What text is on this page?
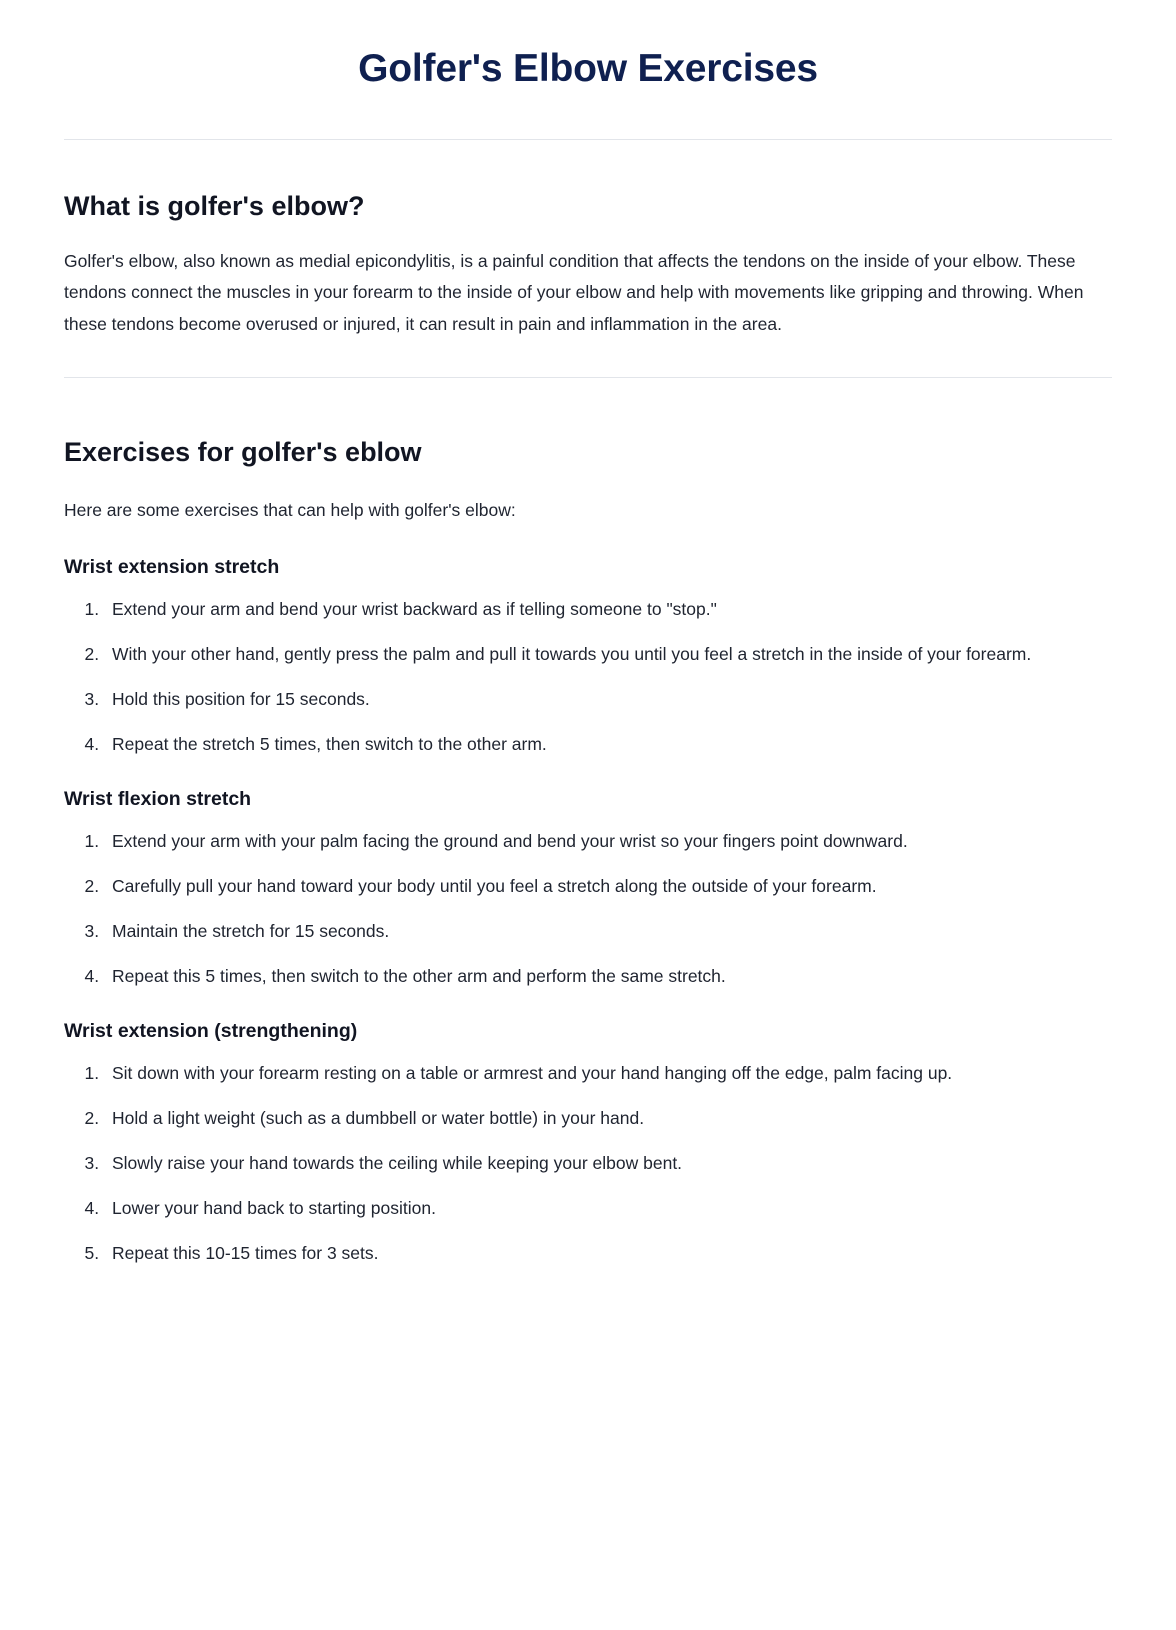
Golfer's Elbow Exercises
What is golfer's elbow?

Golfer's elbow, also known as medial epicondylitis, is a painful condition that affects the tendons on the inside of your elbow. These tendons connect the muscles in your forearm to the inside of your elbow and help with movements like gripping and throwing. When these tendons become overused or injured, it can result in pain and inflammation in the area.

Exercises for golfer's eblow

Here are some exercises that can help with golfer's elbow:

Wrist extension stretch
1. Extend your arm and bend your wrist backward as if telling someone to "stop."
2. With your other hand, gently press the palm and pull it towards you until you feel a stretch in the inside of your forearm.
3. Hold this position for 15 seconds.
4. Repeat the stretch 5 times, then switch to the other arm.
Wrist flexion stretch
1. Extend your arm with your palm facing the ground and bend your wrist so your fingers point downward.
2. Carefully pull your hand toward your body until you feel a stretch along the outside of your forearm.
3. Maintain the stretch for 15 seconds.
4. Repeat this 5 times, then switch to the other arm and perform the same stretch.
Wrist extension (strengthening)
1. Sit down with your forearm resting on a table or armrest and your hand hanging off the edge, palm facing up.
2. Hold a light weight (such as a dumbbell or water bottle) in your hand.
3. Slowly raise your hand towards the ceiling while keeping your elbow bent.
4. Lower your hand back to starting position.
5. Repeat this 10-15 times for 3 sets.
